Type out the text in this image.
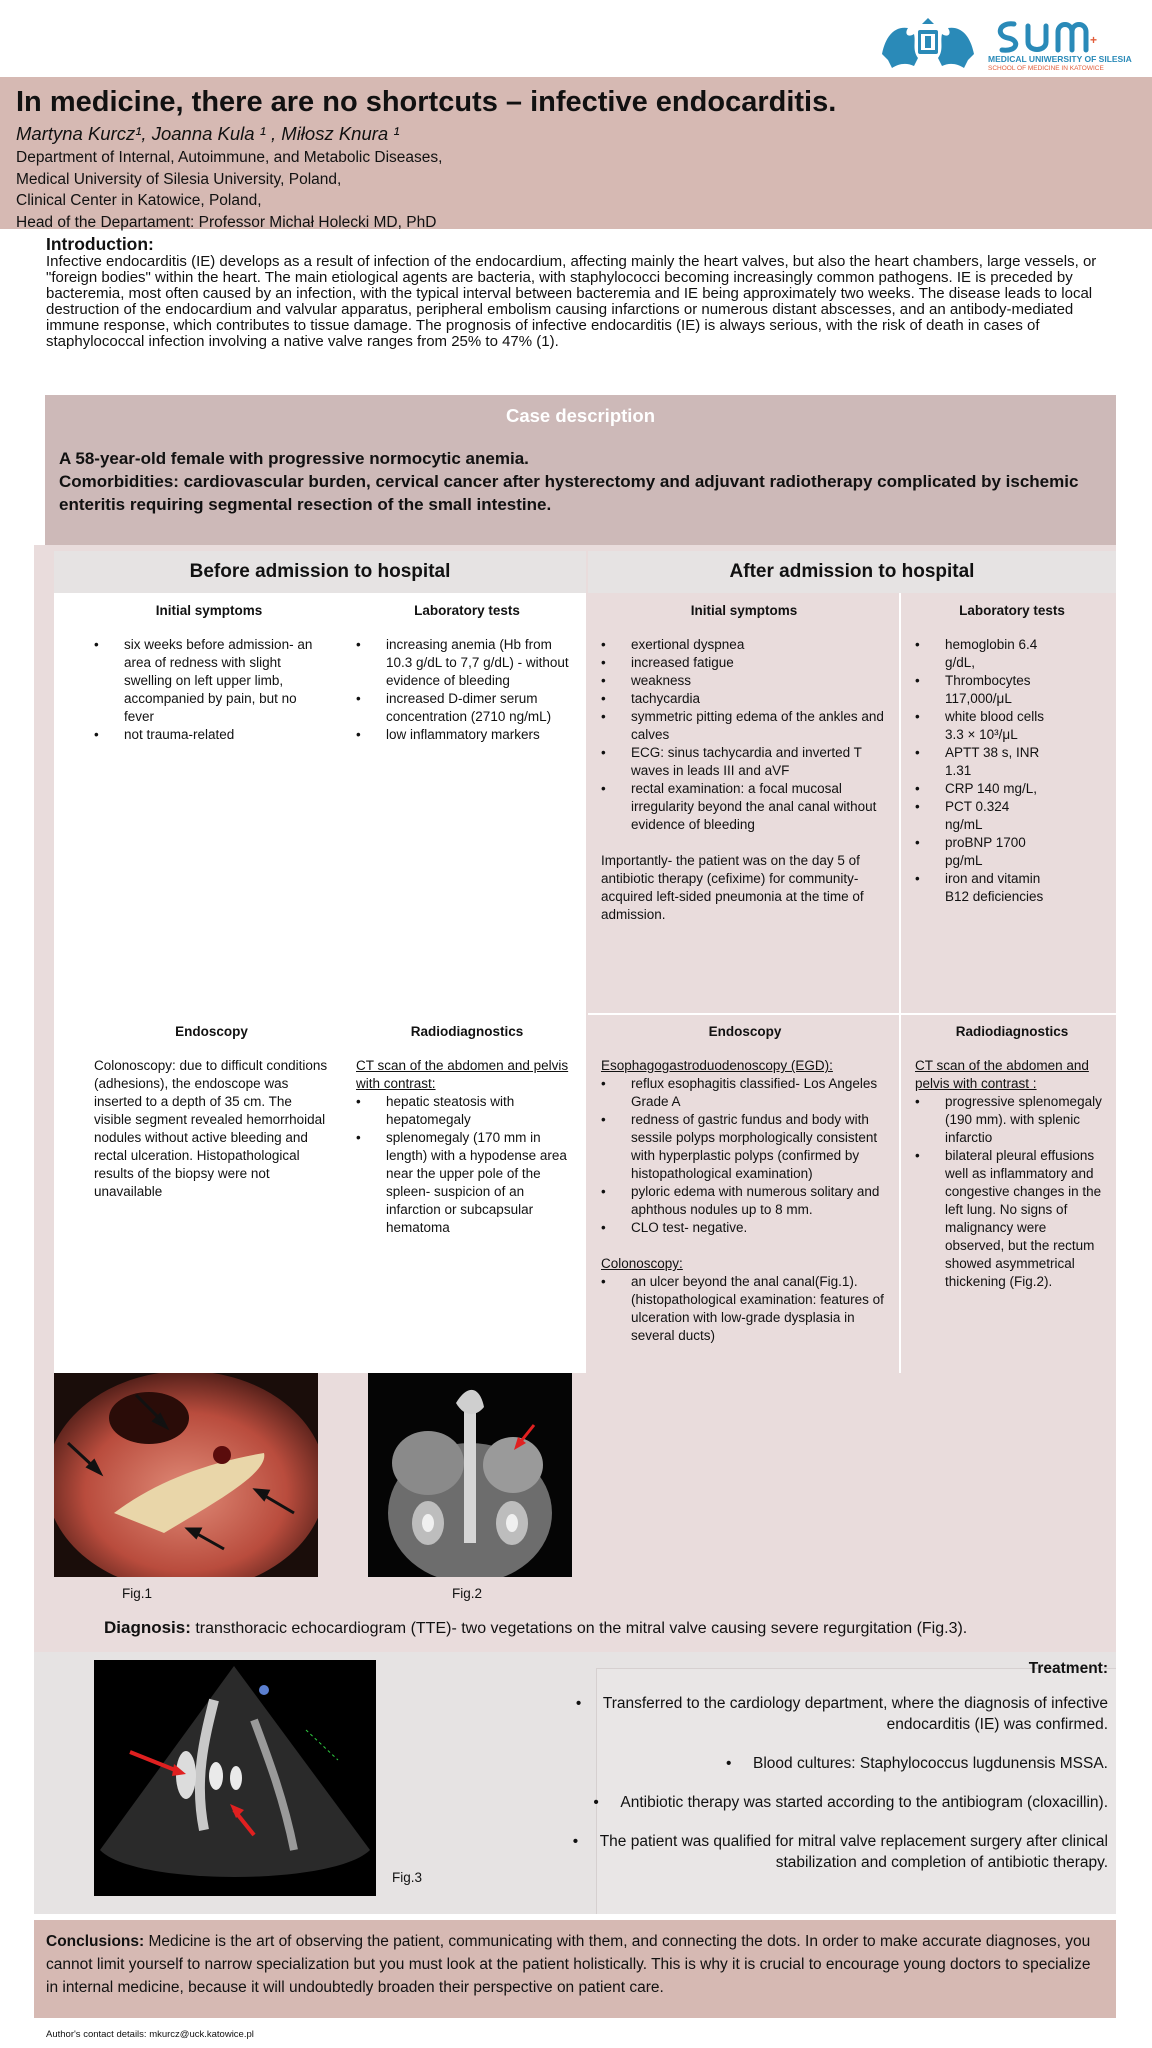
+
MEDICAL UNIWERSITY OF SILESIA
SCHOOL OF MEDICINE IN KATOWICE
In medicine, there are no shortcuts – infective endocarditis.
Martyna Kurcz¹, Joanna Kula ¹ , Miłosz Knura ¹
Department of Internal, Autoimmune, and Metabolic Diseases,
Medical University of Silesia University, Poland,
Clinical Center in Katowice, Poland,
Head of the Departament: Professor Michał Holecki MD, PhD
Introduction:

Infective endocarditis (IE) develops as a result of infection of the endocardium, affecting mainly the heart valves, but also the heart chambers, large vessels, or "foreign bodies" within the heart. The main etiological agents are bacteria, with staphylococci becoming increasingly common pathogens. IE is preceded by bacteremia, most often caused by an infection, with the typical interval between bacteremia and IE being approximately two weeks. The disease leads to local destruction of the endocardium and valvular apparatus, peripheral embolism causing infarctions or numerous distant abscesses, and an antibody-mediated immune response, which contributes to tissue damage. The prognosis of infective endocarditis (IE) is always serious, with the risk of death in cases of staphylococcal infection involving a native valve ranges from 25% to 47% (1).

Case description
A 58-year-old female with progressive normocytic anemia.
Comorbidities: cardiovascular burden, cervical cancer after hysterectomy and adjuvant radiotherapy complicated by ischemic enteritis requiring segmental resection of the small intestine.
Before admission to hospital	After admission to hospital
Initial symptoms
• six weeks before admission- an area of redness with slight swelling on left upper limb, accompanied by pain, but no fever
• not trauma-related
Laboratory tests
• increasing anemia (Hb from 10.3 g/dL to 7,7 g/dL) - without evidence of bleeding
• increased D-dimer serum concentration (2710 ng/mL)
• low inflammatory markers
Initial symptoms
• exertional dyspnea
• increased fatigue
• weakness
• tachycardia
• symmetric pitting edema of the ankles and calves
• ECG: sinus tachycardia and inverted T waves in leads III and aVF
• rectal examination: a focal mucosal irregularity beyond the anal canal without evidence of bleeding

Importantly- the patient was on the day 5 of antibiotic therapy (cefixime) for community-acquired left-sided pneumonia at the time of admission.

Laboratory tests
• hemoglobin 6.4 g/dL,
• Thrombocytes 117,000/μL
• white blood cells 3.3 × 10³/μL
• APTT 38 s, INR 1.31
• CRP 140 mg/L,
• PCT 0.324 ng/mL
• proBNP 1700 pg/mL
• iron and vitamin B12 deficiencies
Endoscopy

Colonoscopy: due to difficult conditions (adhesions), the endoscope was inserted to a depth of 35 cm. The visible segment revealed hemorrhoidal nodules without active bleeding and rectal ulceration. Histopathological results of the biopsy were not unavailable

Radiodiagnostics

CT scan of the abdomen and pelvis with contrast:

• hepatic steatosis with hepatomegaly
• splenomegaly (170 mm in length) with a hypodense area near the upper pole of the spleen- suspicion of an infarction or subcapsular hematoma
Endoscopy

Esophagogastroduodenoscopy (EGD):

• reflux esophagitis classified- Los Angeles Grade A
• redness of gastric fundus and body with sessile polyps morphologically consistent with hyperplastic polyps (confirmed by histopathological examination)
• pyloric edema with numerous solitary and aphthous nodules up to 8 mm.
• CLO test- negative.

Colonoscopy:

• an ulcer beyond the anal canal(Fig.1). (histopathological examination: features of ulceration with low-grade dysplasia in several ducts)
Radiodiagnostics

CT scan of the abdomen and pelvis with contrast :

• progressive splenomegaly (190 mm). with splenic infarctio
• bilateral pleural effusions well as inflammatory and congestive changes in the left lung. No signs of malignancy were observed, but the rectum showed asymmetrical thickening (Fig.2).
Fig.1	Fig.2
Diagnosis: transthoracic echocardiogram (TTE)- two vegetations on the mitral valve causing severe regurgitation (Fig.3).
Fig.3
Treatment:
•     Transferred to the cardiology department, where the diagnosis of infective endocarditis (IE) was confirmed.
•     Blood cultures: Staphylococcus lugdunensis MSSA.
•     Antibiotic therapy was started according to the antibiogram (cloxacillin).
•     The patient was qualified for mitral valve replacement surgery after clinical stabilization and completion of antibiotic therapy.
Conclusions: Medicine is the art of observing the patient, communicating with them, and connecting the dots. In order to make accurate diagnoses, you cannot limit yourself to narrow specialization but you must look at the patient holistically. This is why it is crucial to encourage young doctors to specialize in internal medicine, because it will undoubtedly broaden their perspective on patient care.
Author's contact details: mkurcz@uck.katowice.pl
